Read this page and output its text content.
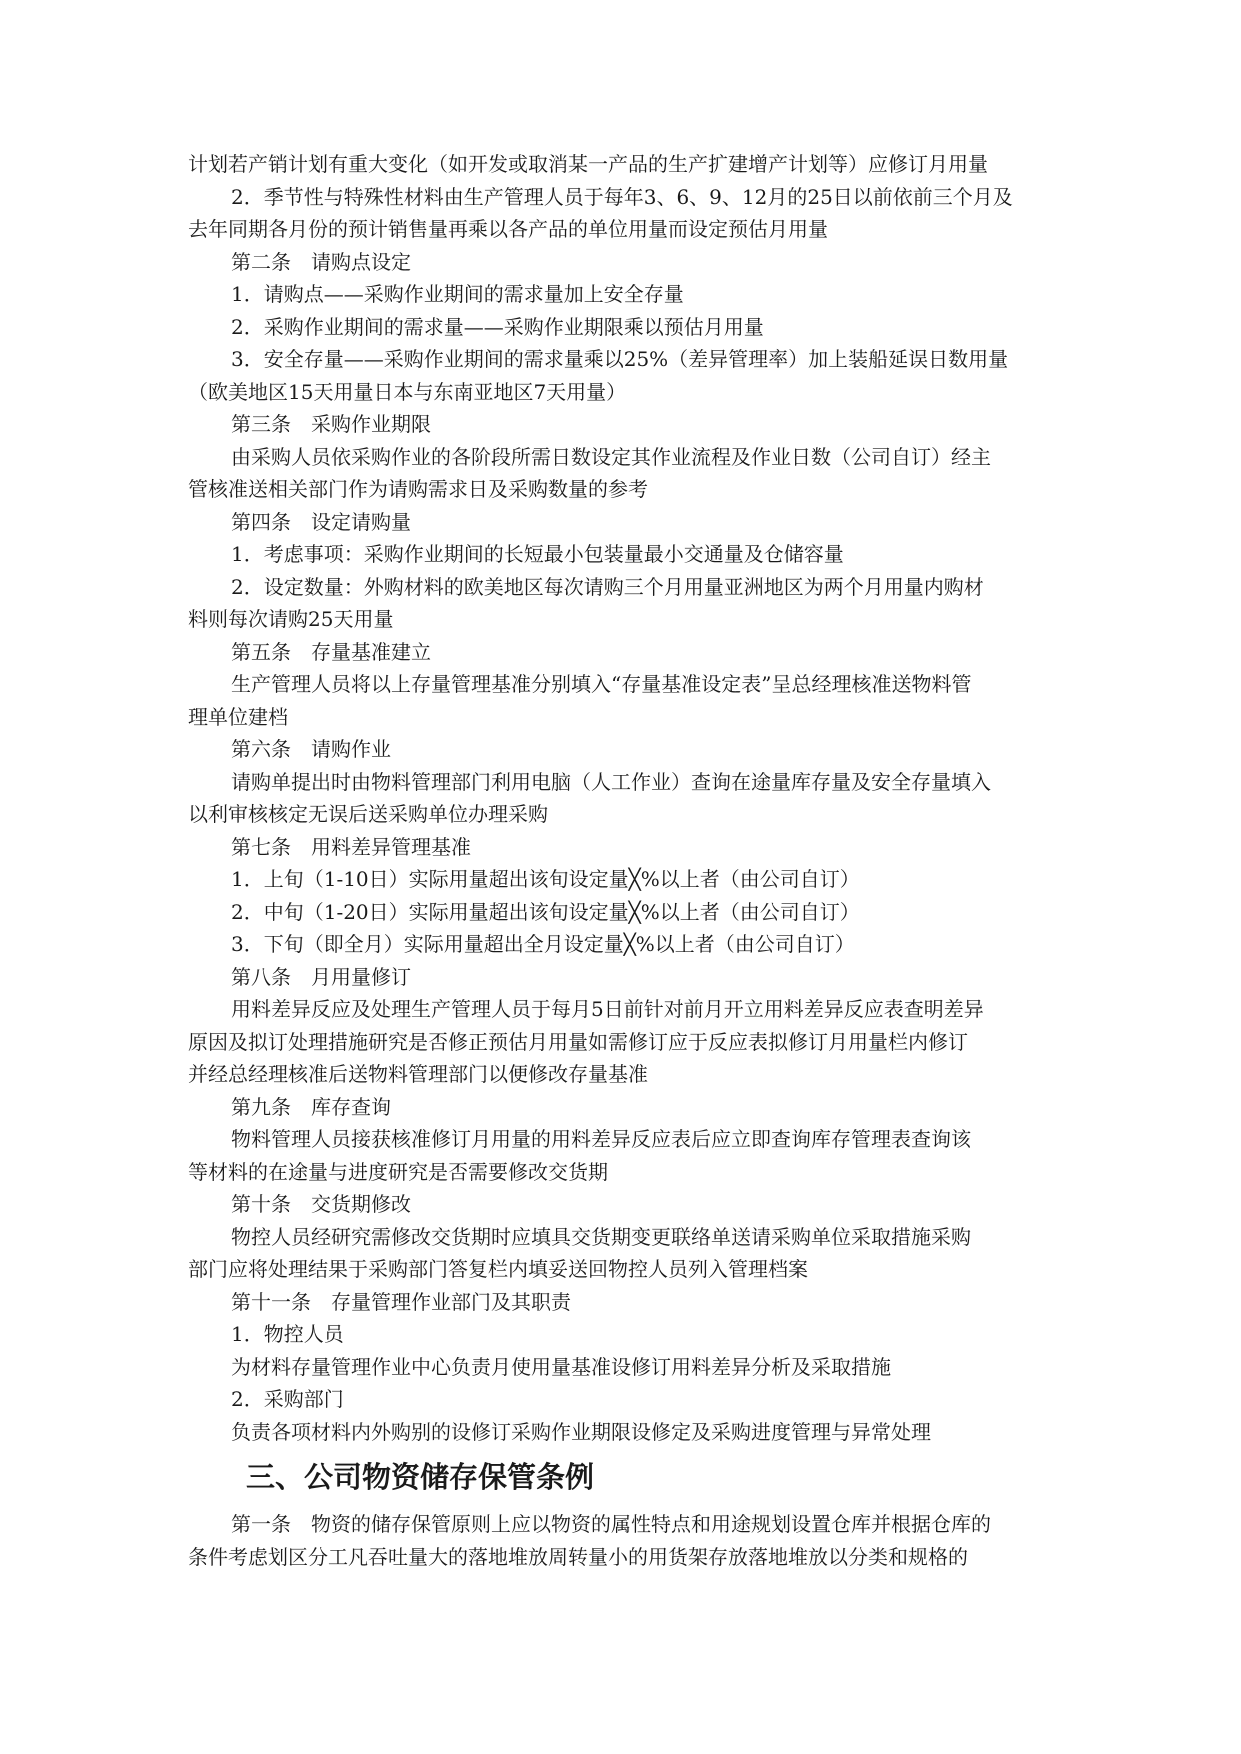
计划若产销计划有重大变化（如开发或取消某一产品的生产扩建增产计划等）应修订月用量
2．季节性与特殊性材料由生产管理人员于每年3、6、9、12月的25日以前依前三个月及
去年同期各月份的预计销售量再乘以各产品的单位用量而设定预估月用量
第二条　请购点设定
1．请购点——采购作业期间的需求量加上安全存量
2．采购作业期间的需求量——采购作业期限乘以预估月用量
3．安全存量——采购作业期间的需求量乘以25%（差异管理率）加上装船延误日数用量
（欧美地区15天用量日本与东南亚地区7天用量）
第三条　采购作业期限
由采购人员依采购作业的各阶段所需日数设定其作业流程及作业日数（公司自订）经主
管核准送相关部门作为请购需求日及采购数量的参考
第四条　设定请购量
1．考虑事项：采购作业期间的长短最小包装量最小交通量及仓储容量
2．设定数量：外购材料的欧美地区每次请购三个月用量亚洲地区为两个月用量内购材
料则每次请购25天用量
第五条　存量基准建立
生产管理人员将以上存量管理基准分别填入“存量基准设定表”呈总经理核准送物料管
理单位建档
第六条　请购作业
请购单提出时由物料管理部门利用电脑（人工作业）查询在途量库存量及安全存量填入
以利审核核定无误后送采购单位办理采购
第七条　用料差异管理基准
1．上旬（1-10日）实际用量超出该旬设定量╳%以上者（由公司自订）
2．中旬（1-20日）实际用量超出该旬设定量╳%以上者（由公司自订）
3．下旬（即全月）实际用量超出全月设定量╳%以上者（由公司自订）
第八条　月用量修订
用料差异反应及处理生产管理人员于每月5日前针对前月开立用料差异反应表查明差异
原因及拟订处理措施研究是否修正预估月用量如需修订应于反应表拟修订月用量栏内修订
并经总经理核准后送物料管理部门以便修改存量基准
第九条　库存查询
物料管理人员接获核准修订月用量的用料差异反应表后应立即查询库存管理表查询该
等材料的在途量与进度研究是否需要修改交货期
第十条　交货期修改
物控人员经研究需修改交货期时应填具交货期变更联络单送请采购单位采取措施采购
部门应将处理结果于采购部门答复栏内填妥送回物控人员列入管理档案
第十一条　存量管理作业部门及其职责
1．物控人员
为材料存量管理作业中心负责月使用量基准设修订用料差异分析及采取措施
2．采购部门
负责各项材料内外购别的设修订采购作业期限设修定及采购进度管理与异常处理
三、公司物资储存保管条例
第一条　物资的储存保管原则上应以物资的属性特点和用途规划设置仓库并根据仓库的
条件考虑划区分工凡吞吐量大的落地堆放周转量小的用货架存放落地堆放以分类和规格的
